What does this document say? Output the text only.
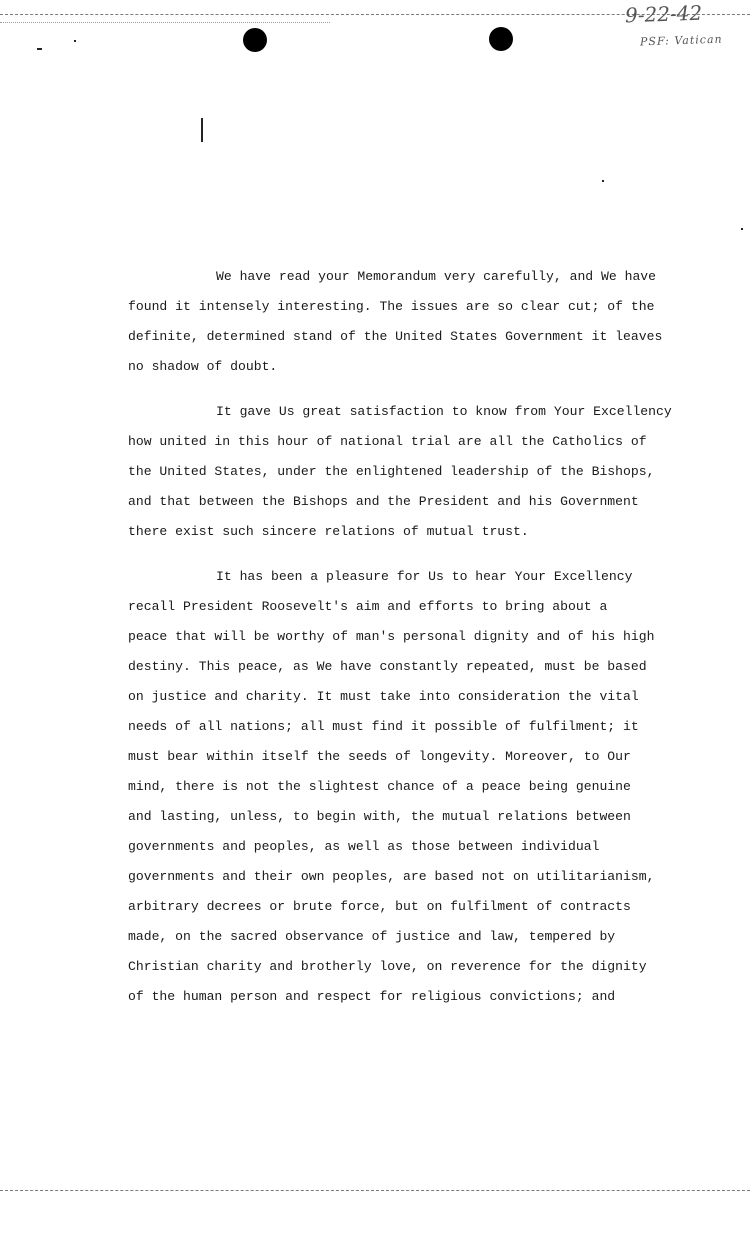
9-22-42
PSF: Vatican

We have read your Memorandum very carefully, and We have
found it intensely interesting. The issues are so clear cut; of the
definite, determined stand of the United States Government it leaves
no shadow of doubt.

It gave Us great satisfaction to know from Your Excellency
how united in this hour of national trial are all the Catholics of
the United States, under the enlightened leadership of the Bishops,
and that between the Bishops and the President and his Government
there exist such sincere relations of mutual trust.

It has been a pleasure for Us to hear Your Excellency
recall President Roosevelt's aim and efforts to bring about a
peace that will be worthy of man's personal dignity and of his high
destiny. This peace, as We have constantly repeated, must be based
on justice and charity. It must take into consideration the vital
needs of all nations; all must find it possible of fulfilment; it
must bear within itself the seeds of longevity. Moreover, to Our
mind, there is not the slightest chance of a peace being genuine
and lasting, unless, to begin with, the mutual relations between
governments and peoples, as well as those between individual
governments and their own peoples, are based not on utilitarianism,
arbitrary decrees or brute force, but on fulfilment of contracts
made, on the sacred observance of justice and law, tempered by
Christian charity and brotherly love, on reverence for the dignity
of the human person and respect for religious convictions; and
